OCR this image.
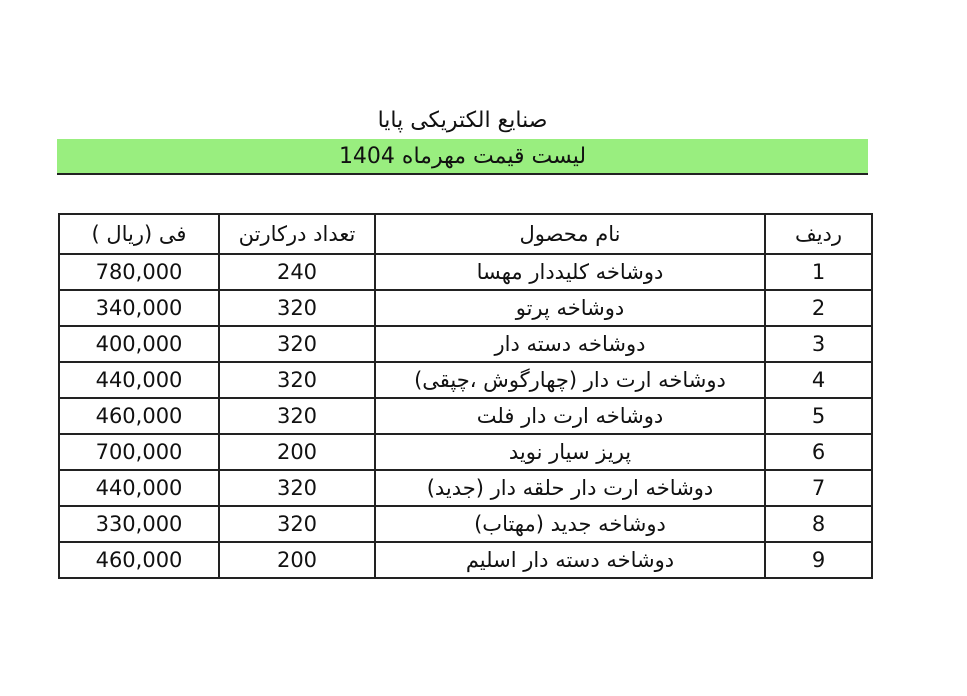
صنایع الکتریکی پایا
لیست قیمت مهرماه 1404
ردیف	نام محصول	تعداد درکارتن	فی (ریال )
1	دوشاخه کلیددار مهسا	240	780,000
2	دوشاخه پرتو	320	340,000
3	دوشاخه دسته دار	320	400,000
4	دوشاخه ارت دار (چهارگوش ،چپقی)	320	440,000
5	دوشاخه ارت دار فلت	320	460,000
6	پریز سیار نوید	200	700,000
7	دوشاخه ارت دار حلقه دار (جدید)	320	440,000
8	دوشاخه جدید (مهتاب)	320	330,000
9	دوشاخه دسته دار اسلیم	200	460,000
